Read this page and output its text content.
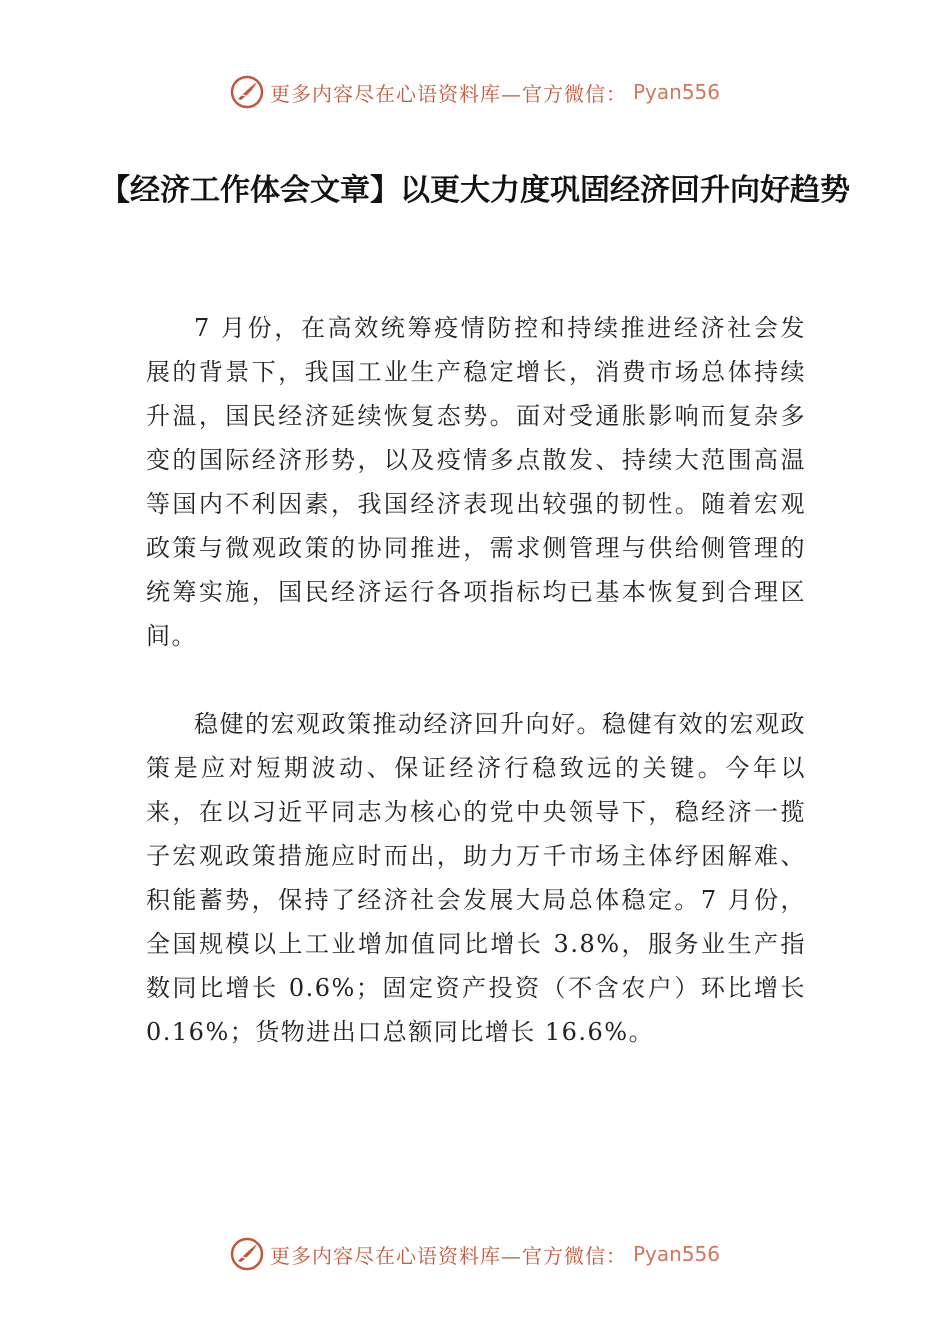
更多内容尽在心语资料库—官方微信： Pyan556
【经济工作体会文章】以更大力度巩固经济回升向好趋势

7 月份，在高效统筹疫情防控和持续推进经济社会发展的背景下，我国工业生产稳定增长，消费市场总体持续升温，国民经济延续恢复态势。面对受通胀影响而复杂多变的国际经济形势，以及疫情多点散发、持续大范围高温等国内不利因素，我国经济表现出较强的韧性。随着宏观政策与微观政策的协同推进，需求侧管理与供给侧管理的统筹实施，国民经济运行各项指标均已基本恢复到合理区间。

稳健的宏观政策推动经济回升向好。稳健有效的宏观政策是应对短期波动、保证经济行稳致远的关键。今年以来，在以习近平同志为核心的党中央领导下，稳经济一揽子宏观政策措施应时而出，助力万千市场主体纾困解难、积能蓄势，保持了经济社会发展大局总体稳定。7 月份，全国规模以上工业增加值同比增长 3.8%，服务业生产指数同比增长 0.6%；固定资产投资（不含农户）环比增长 0.16%；货物进出口总额同比增长 16.6%。

更多内容尽在心语资料库—官方微信： Pyan556
